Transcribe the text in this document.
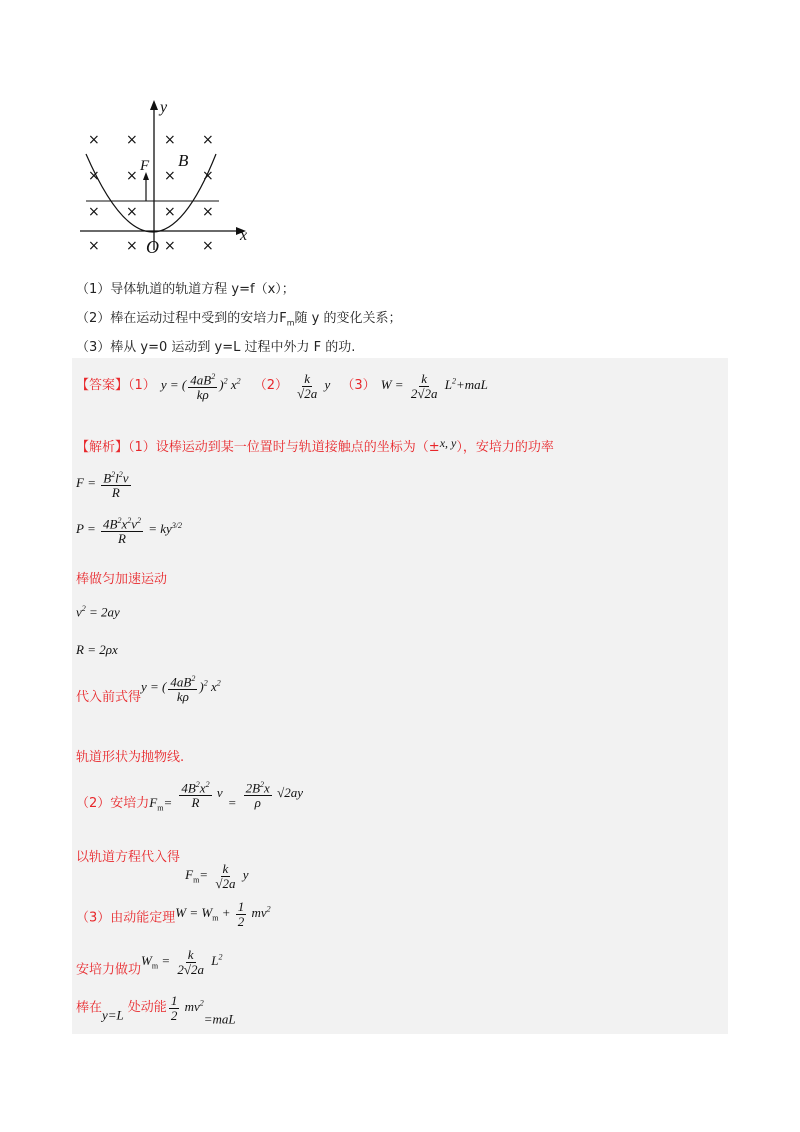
× × × ×
× × × ×
× × × ×
× × × ×
y
x
O
F B
（1）导体轨道的轨道方程 y=f（x）；
（2）棒在运动过程中受到的安培力$F_m$随 y 的变化关系；
（3）棒从 y=0 运动到 y=L 过程中外力 F 的功.
【答案】（1） y = ( $\frac{4aB^2}{k\rho} )^2$ $x^2$ $(2) \frac{k}{√2a}$ y （3） $W = \frac{k}{2√2a} L^2+maL$
【解析】（1）设棒运动到某一位置时与轨道接触点的坐标为（±$^{x, y}$），安培力的功率
$F = \frac{B^2l^2v}{R}$
$P = \frac{4B^2x^2v^2}{R} = ky^{3/2}$
棒做匀加速运动
$v^2 = 2ay$
R = 2ρx
$_{代入前式得}$y = ( $\frac{4aB^2}{k\rho} )^2$ $x^2$
轨道形状为抛物线.
$_{(2)安培力F_m=} \frac{4B^2x^2}{R}$ v $_= \frac{2B^2x}{\rho} √2ay$
以轨道方程代入得 $_{F_m= \frac{k}{√2a} y}$
（3）由动能定理$^{W = W_m + \frac{1}{2} mv^2}$
$_{安培力做功}W_m = \frac{k}{2√2a} L^2$
棒在$_{y=L}$ 处动能 $\frac{1}{2} mv^2_{=maL}$
